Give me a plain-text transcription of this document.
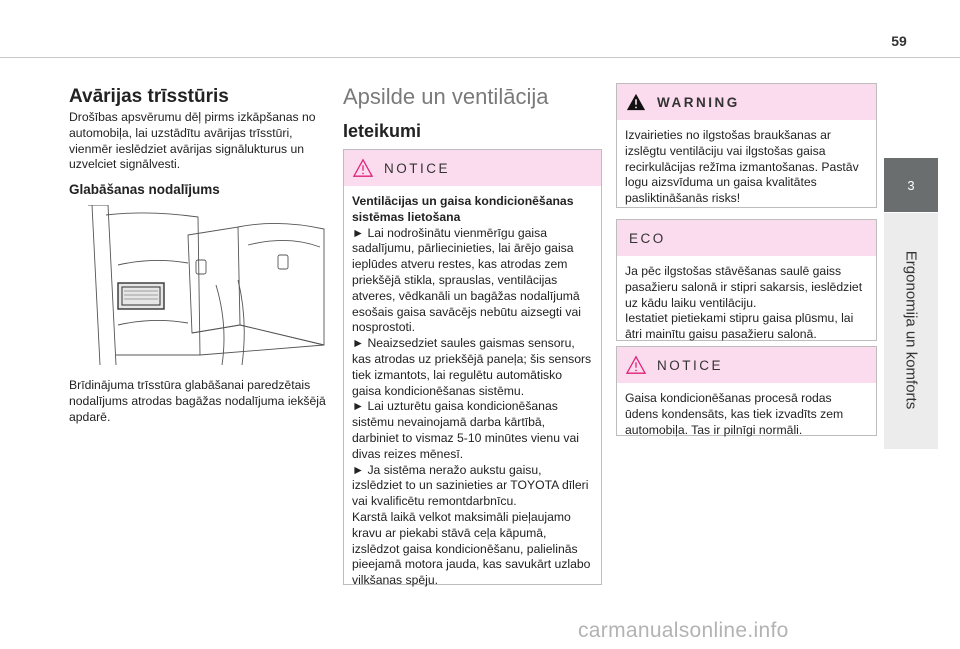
59
3
Ergonomija un komforts
Avārijas trīsstūris
Drošības apsvērumu dēļ pirms izkāpšanas no automobiļa, lai uzstādītu avārijas trīsstūri, vienmēr ieslēdziet avārijas signālukturus un uzvelciet signālvesti.
Glabāšanas nodalījums
Brīdinājuma trīsstūra glabāšanai paredzētais nodalījums atrodas bagāžas nodalījuma iekšējā apdarē.
Apsilde un ventilācija
Ieteikumi
NOTICE
Ventilācijas un gaisa kondicionēšanas sistēmas lietošana
► Lai nodrošinātu vienmērīgu gaisa sadalījumu, pārliecinieties, lai ārējo gaisa ieplūdes atveru restes, kas atrodas zem priekšējā stikla, sprauslas, ventilācijas atveres, vēdkanāli un bagāžas nodalījumā esošais gaisa savācējs nebūtu aizsegti vai nosprostoti.
► Neaizsedziet saules gaismas sensoru, kas atrodas uz priekšējā paneļa; šis sensors tiek izmantots, lai regulētu automātisko gaisa kondicionēšanas sistēmu.
► Lai uzturētu gaisa kondicionēšanas sistēmu nevainojamā darba kārtībā, darbiniet to vismaz 5-10 minūtes vienu vai divas reizes mēnesī.
► Ja sistēma neražo aukstu gaisu, izslēdziet to un sazinieties ar TOYOTA dīleri vai kvalificētu remontdarbnīcu.
Karstā laikā velkot maksimāli pieļaujamo kravu ar piekabi stāvā ceļa kāpumā, izslēdzot gaisa kondicionēšanu, palielinās pieejamā motora jauda, kas savukārt uzlabo vilkšanas spēju.
WARNING
Izvairieties no ilgstošas braukšanas ar izslēgtu ventilāciju vai ilgstošas gaisa recirkulācijas režīma izmantošanas. Pastāv logu aizsvīduma un gaisa kvalitātes pasliktināšanās risks!
ECO
Ja pēc ilgstošas stāvēšanas saulē gaiss pasažieru salonā ir stipri sakarsis, ieslēdziet uz kādu laiku ventilāciju.
Iestatiet pietiekami stipru gaisa plūsmu, lai ātri mainītu gaisu pasažieru salonā.
NOTICE
Gaisa kondicionēšanas procesā rodas ūdens kondensāts, kas tiek izvadīts zem automobiļa. Tas ir pilnīgi normāli.
carmanualsonline.info
